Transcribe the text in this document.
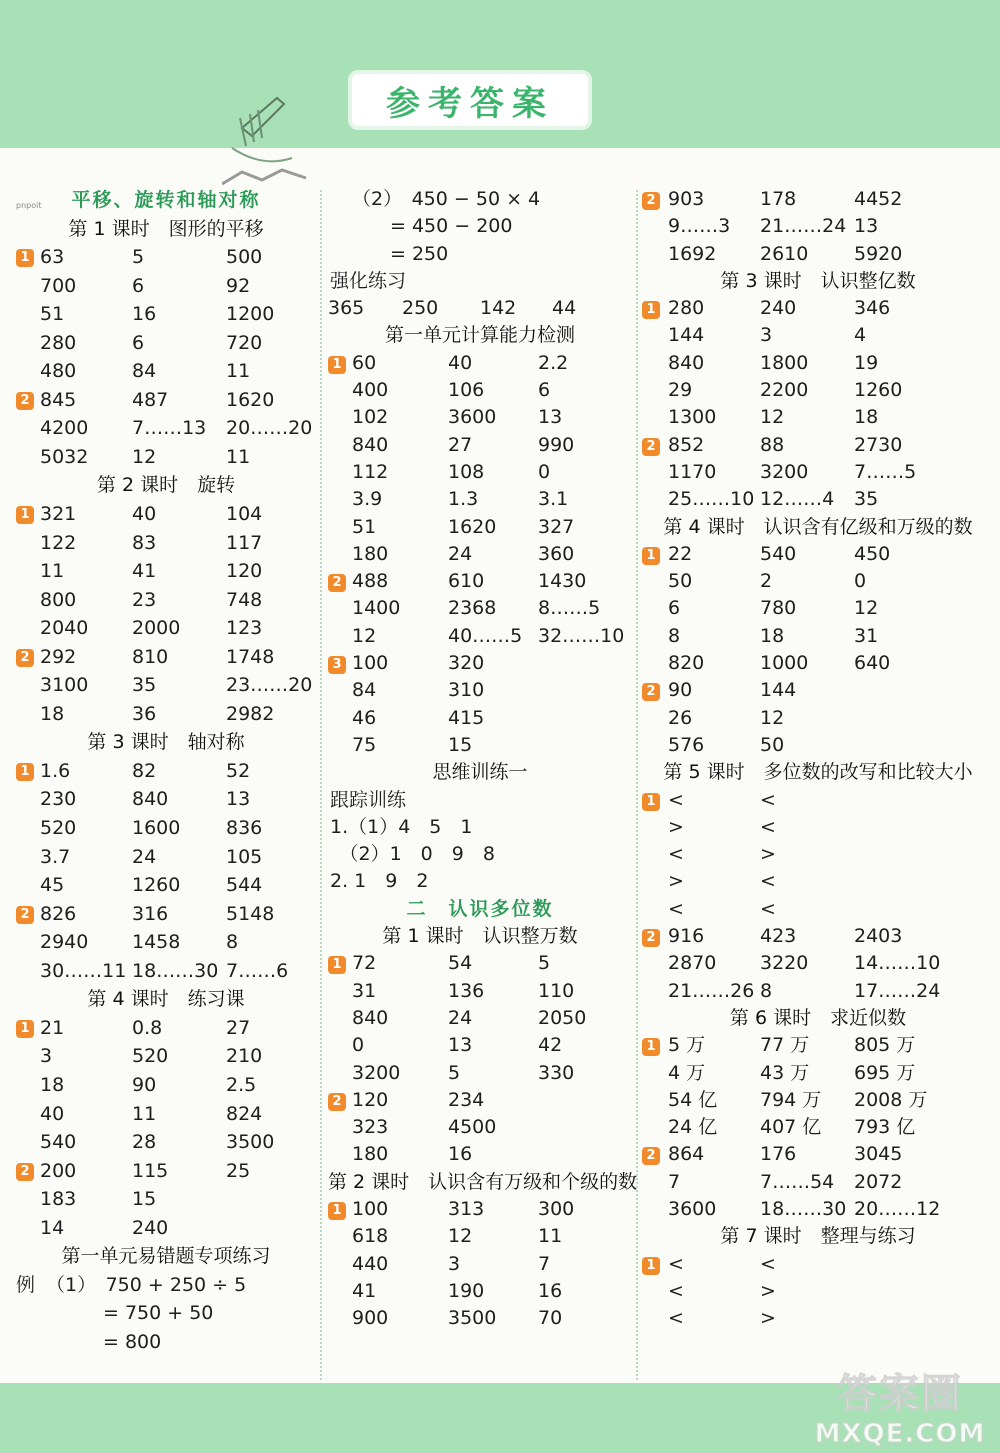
参考答案
pnpoit 平移、旋转和轴对称
第 1 课时　图形的平移
1 63	5	500
700	6	92
51	16	1200
280	6	720
480	84	11
2 845	487	1620
4200 7……13 20……20
5032 12	11
第 2 课时　旋转
1 321	40	104
122	83	117
11	41	120
800	23	748
2040 2000 123
2 292	810	1748
3100 35	23……20
18	36	2982
第 3 课时　轴对称
1 1.6	82	52
230	840	13
520	1600 836
3.7	24	105
45	1260 544
2 826	316	5148
2940 1458 8
30……11 18……30 7……6
第 4 课时　练习课
1 21	0.8	27
3	520	210
18	90	2.5
40	11	824
540	28	3500
2 200	115	25
183	15
14	240
第一单元易错题专项练习
例 （1）　750 + 250 ÷ 5
　　　= 750 + 50
　　　= 800
（2）　450 − 50 × 4
　　= 450 − 200
　　= 250
强化练习
365 250 142 44
第一单元计算能力检测
1 60	40	2.2
400	106	6
102	3600 13
840	27	990
112	108	0
3.9	1.3	3.1
51	1620 327
180	24	360
2 488	610	1430
1400	2368 8……5
12	40……5 32……10
3 100	320
84	310
46	415
75	15
思维训练一
跟踪训练
1.（1）4　5　1
　（2）1　0　9　8
2. 1　9　2
二　认识多位数
第 1 课时　认识整万数
1 72	54	5
31	136	110
840	24	2050
0	13	42
3200	5	330
2 120	234
323	4500
180	16
第 2 课时　认识含有万级和个级的数
1 100	313	300
618	12	11
440	3	7
41	190	16
900	3500 70
2 903	178	4452
9……3 21……24 13
1692 2610 5920
第 3 课时　认识整亿数
1 280	240	346
144	3	4
840	1800 19
29	2200 1260
1300 12	18
2 852	88	2730
1170 3200 7……5
25……10 12……4 35
第 4 课时　认识含有亿级和万级的数
1 22	540	450
50	2	0
6	780	12
8	18	31
820	1000 640
2 90	144
26	12
576	50
第 5 课时　多位数的改写和比较大小
1 <	<
>	<
<	>
>	<
<	<
2 916	423	2403
2870 3220 14……10
21……26 8	17……24
第 6 课时　求近似数
1 5 万	77 万 805 万
4 万	43 万 695 万
54 亿 794 万 2008 万
24 亿 407 亿 793 亿
2 864	176	3045
7	7……54 2072
3600 18……30 20……12
第 7 课时　整理与练习
1 <	<
<	>
<	>
答案圈
MXQE.COM
